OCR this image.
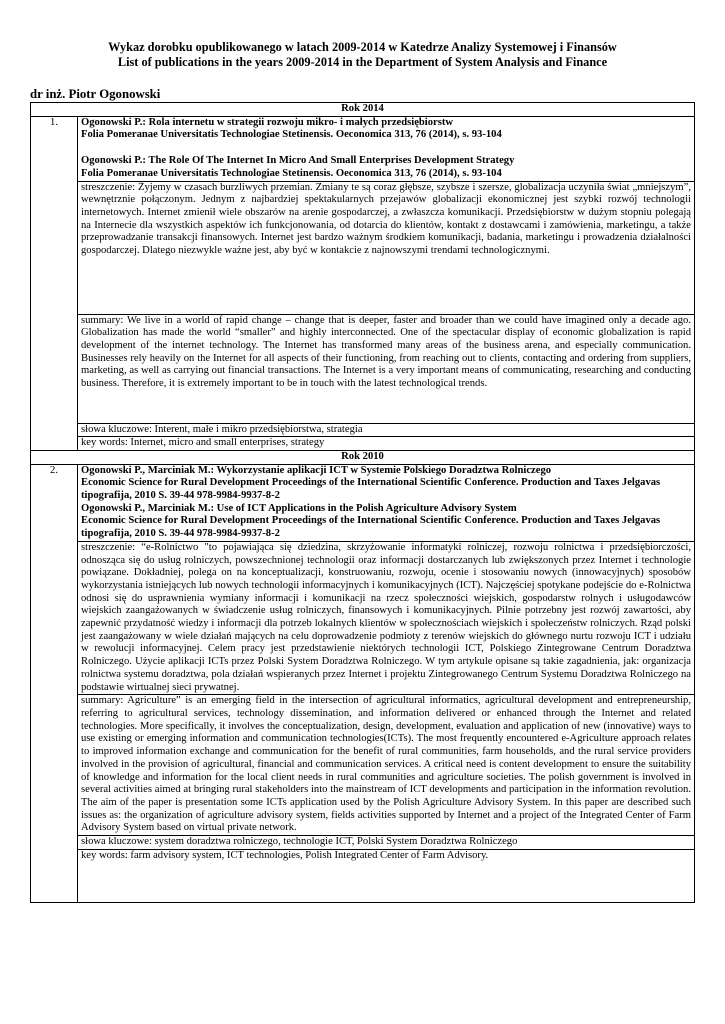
Wykaz dorobku opublikowanego w latach 2009-2014 w Katedrze Analizy Systemowej i Finansów
List of publications in the years 2009-2014 in the Department of System Analysis and Finance
dr inż. Piotr Ogonowski
Rok 2014	
1.	Ogonowski P.: Rola internetu w strategii rozwoju mikro- i małych przedsiębiorstw
Folia Pomeranae Universitatis Technologiae Stetinensis. Oeconomica 313, 76 (2014), s. 93-104
Ogonowski P.: The Role Of The Internet In Micro And Small Enterprises Development Strategy
Folia Pomeranae Universitatis Technologiae Stetinensis. Oeconomica 313, 76 (2014), s. 93-104

	streszczenie: Żyjemy w czasach burzliwych przemian. Zmiany te są coraz głębsze, szybsze i szersze, globalizacja uczyniła świat „mniejszym”, wewnętrznie połączonym. Jednym z najbardziej spektakularnych przejawów globalizacji ekonomicznej jest szybki rozwój technologii internetowych. Internet zmienił wiele obszarów na arenie gospodarczej, a zwłaszcza komunikacji. Przedsiębiorstw w dużym stopniu polegają na Internecie dla wszystkich aspektów ich funkcjonowania, od dotarcia do klientów, kontakt z dostawcami i zamówienia, marketingu, a także przeprowadzanie transakcji finansowych. Internet jest bardzo ważnym środkiem komunikacji, badania, marketingu i prowadzenia działalności gospodarczej. Dlatego niezwykle ważne jest, aby być w kontakcie z najnowszymi trendami technologicznymi.
	summary: We live in a world of rapid change – change that is deeper, faster and broader than we could have imagined only a decade ago. Globalization has made the world “smaller” and highly interconnected. One of the spectacular display of economic globalization is rapid development of the internet technology. The Internet has transformed many areas of the business arena, and especially communication. Businesses rely heavily on the Internet for all aspects of their functioning, from reaching out to clients, contacting and ordering from suppliers, marketing, as well as carrying out financial transactions. The Internet is a very important means of communicating, researching and conducting business. Therefore, it is extremely important to be in touch with the latest technological trends.
	słowa kluczowe: Interent, małe i mikro przedsiębiorstwa, strategia
	key words: Internet, micro and small enterprises, strategy
Rok 2010	
2.	Ogonowski P., Marciniak M.: Wykorzystanie aplikacji ICT w Systemie Polskiego Doradztwa Rolniczego
Economic Science for Rural Development Proceedings of the International Scientific Conference. Production and Taxes Jelgavas tipografija, 2010 S. 39-44 978-9984-9937-8-2
Ogonowski P., Marciniak M.: Use of ICT Applications in the Polish Agriculture Advisory System
Economic Science for Rural Development Proceedings of the International Scientific Conference. Production and Taxes Jelgavas tipografija, 2010 S. 39-44 978-9984-9937-8-2

	streszczenie: “e-Rolnictwo "to pojawiająca się dziedzina, skrzyżowanie informatyki rolniczej, rozwoju rolnictwa i przedsiębiorczości, odnosząca się do usług rolniczych, powszechnionej technologii oraz informacji dostarczanych lub zwiększonych przez Internet i technologie powiązane. Dokładniej, polega on na konceptualizacji, konstruowaniu, rozwoju, ocenie i stosowaniu nowych (innowacyjnych) sposobów wykorzystania istniejących lub nowych technologii informacyjnych i komunikacyjnych (ICT). Najczęściej spotykane podejście do e-Rolnictwa odnosi się do usprawnienia wymiany informacji i komunikacji na rzecz społeczności wiejskich, gospodarstw rolnych i usługodawców wiejskich zaangażowanych w świadczenie usług rolniczych, finansowych i komunikacyjnych. Pilnie potrzebny jest rozwój zawartości, aby zapewnić przydatność wiedzy i informacji dla potrzeb lokalnych klientów w społecznościach wiejskich i społeczeństw rolniczych. Rząd polski jest zaangażowany w wiele działań mających na celu doprowadzenie podmioty z terenów wiejskich do głównego nurtu rozwoju ICT i udziału w rewolucji informacyjnej. Celem pracy jest przedstawienie niektórych technologii ICT, Polskiego Zintegrowane Centrum Doradztwa Rolniczego. Użycie aplikacji ICTs przez Polski System Doradztwa Rolniczego. W tym artykule opisane są takie zagadnienia, jak: organizacja rolnictwa systemu doradztwa, pola działań wspieranych przez Internet i projektu Zintegrowanego Centrum Systemu Doradztwa Rolniczego na podstawie wirtualnej sieci prywatnej.
	summary: Agriculture” is an emerging field in the intersection of agricultural informatics, agricultural development and entrepreneurship, referring to agricultural services, technology dissemination, and information delivered or enhanced through the Internet and related technologies. More specifically, it involves the conceptualization, design, development, evaluation and application of new (innovative) ways to use existing or emerging information and communication technologies(ICTs). The most frequently encountered e-Agriculture approach relates to improved information exchange and communication for the benefit of rural communities, farm households, and the rural service providers involved in the provision of agricultural, financial and communication services. A critical need is content development to ensure the suitability of knowledge and information for the local client needs in rural communities and agriculture societies. The polish government is involved in several activities aimed at bringing rural stakeholders into the mainstream of ICT developments and participation in the information revolution. The aim of the paper is presentation some ICTs application used by the Polish Agriculture Advisory System. In this paper are described such issues as: the organization of agriculture advisory system, fields activities supported by Internet and a project of the Integrated Center of Farm Advisory System based on virtual private network.
	słowa kluczowe: system doradztwa rolniczego, technologie ICT, Polski System Doradztwa Rolniczego
	key words: farm advisory system, ICT technologies, Polish Integrated Center of Farm Advisory.
